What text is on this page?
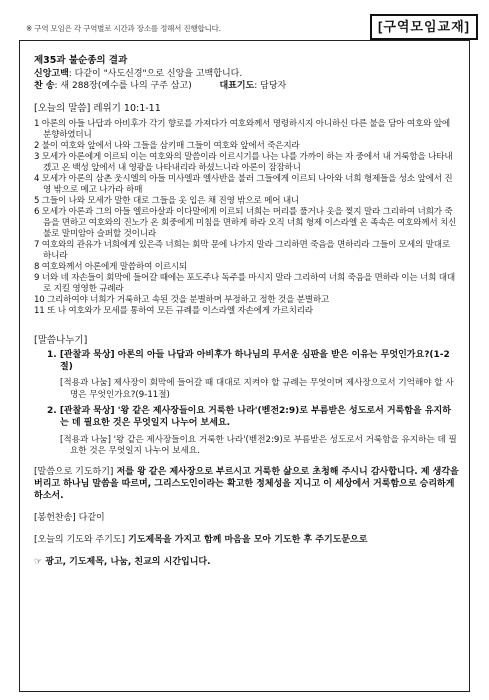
※ 구역 모임은 각 구역별로 시간과 장소를 정해서 진행합니다.	[구역모임교재]
제35과 불순종의 결과
신앙고백: 다같이 "사도신경"으로 신앙을 고백합니다.
찬 송: 새 288장(예수를 나의 구주 삼고)	대표기도: 담당자
[오늘의 말씀] 레위기 10:1-11
1 아론의 아들 나답과 아비후가 각기 향로를 가져다가 여호와께서 명령하시지 아니하신 다른 불을 담아 여호와 앞에 분향하였더니
2 불이 여호와 앞에서 나와 그들을 삼키매 그들이 여호와 앞에서 죽은지라
3 모세가 아론에게 이르되 이는 여호와의 말씀이라 이르시기를 나는 나를 가까이 하는 자 중에서 내 거룩함을 나타내겠고 온 백성 앞에서 내 영광을 나타내리라 하셨느니라 아론이 잠잠하니
4 모세가 아론의 삼촌 웃시엘의 아들 미사엘과 엘사반을 불러 그들에게 이르되 나아와 너희 형제들을 성소 앞에서 진영 밖으로 메고 나가라 하매
5 그들이 나와 모세가 말한 대로 그들을 옷 입은 채 진영 밖으로 메어 내니
6 모세가 아론과 그의 아들 엘르아살과 이다말에게 이르되 너희는 머리를 풀거나 옷을 찢지 말라 그리하여 너희가 죽음을 면하고 여호와의 진노가 온 회중에게 미침을 면하게 하라 오직 너희 형제 이스라엘 온 족속은 여호와께서 치신 불로 말미암아 슬퍼할 것이니라
7 여호와의 관유가 너희에게 있은즉 너희는 회막 문에 나가지 말라 그리하면 죽음을 면하리라 그들이 모세의 말대로 하니라
8 여호와께서 아론에게 말씀하여 이르시되
9 너와 네 자손들이 회막에 들어갈 때에는 포도주나 독주를 마시지 말라 그리하여 너희 죽음을 면하라 이는 너희 대대로 지킬 영영한 규례라
10 그리하여야 너희가 거룩하고 속된 것을 분별하며 부정하고 정한 것을 분별하고
11 또 나 여호와가 모세를 통하여 모든 규례를 이스라엘 자손에게 가르치리라
[말씀나누기]
1. [관찰과 묵상] 아론의 아들 나답과 아비후가 하나님의 무서운 심판을 받은 이유는 무엇인가요?(1-2절)
[적용과 나눔] 제사장이 회막에 들어갈 때 대대로 지켜야 할 규례는 무엇이며 제사장으로서 기억해야 할 사명은 무엇인가요?(9-11절)
2. [관찰과 묵상] '왕 같은 제사장들이요 거룩한 나라'(벧전2:9)로 부름받은 성도로서 거룩함을 유지하는 데 필요한 것은 무엇일지 나누어 보세요.
[적용과 나눔] '왕 같은 제사장들이요 거룩한 나라'(벧전2:9)로 부름받은 성도로서 거룩함을 유지하는 데 필요한 것은 무엇일지 나누어 보세요.
[말씀으로 기도하기] 저를 왕 같은 제사장으로 부르시고 거룩한 삶으로 초청해 주시니 감사합니다. 제 생각을 버리고 하나님 말씀을 따르며, 그리스도인이라는 확고한 정체성을 지니고 이 세상에서 거룩함으로 승리하게 하소서.
[봉헌찬송] 다같이
[오늘의 기도와 주기도] 기도제목을 가지고 함께 마음을 모아 기도한 후 주기도문으로
☞ 광고, 기도제목, 나눔, 친교의 시간입니다.
